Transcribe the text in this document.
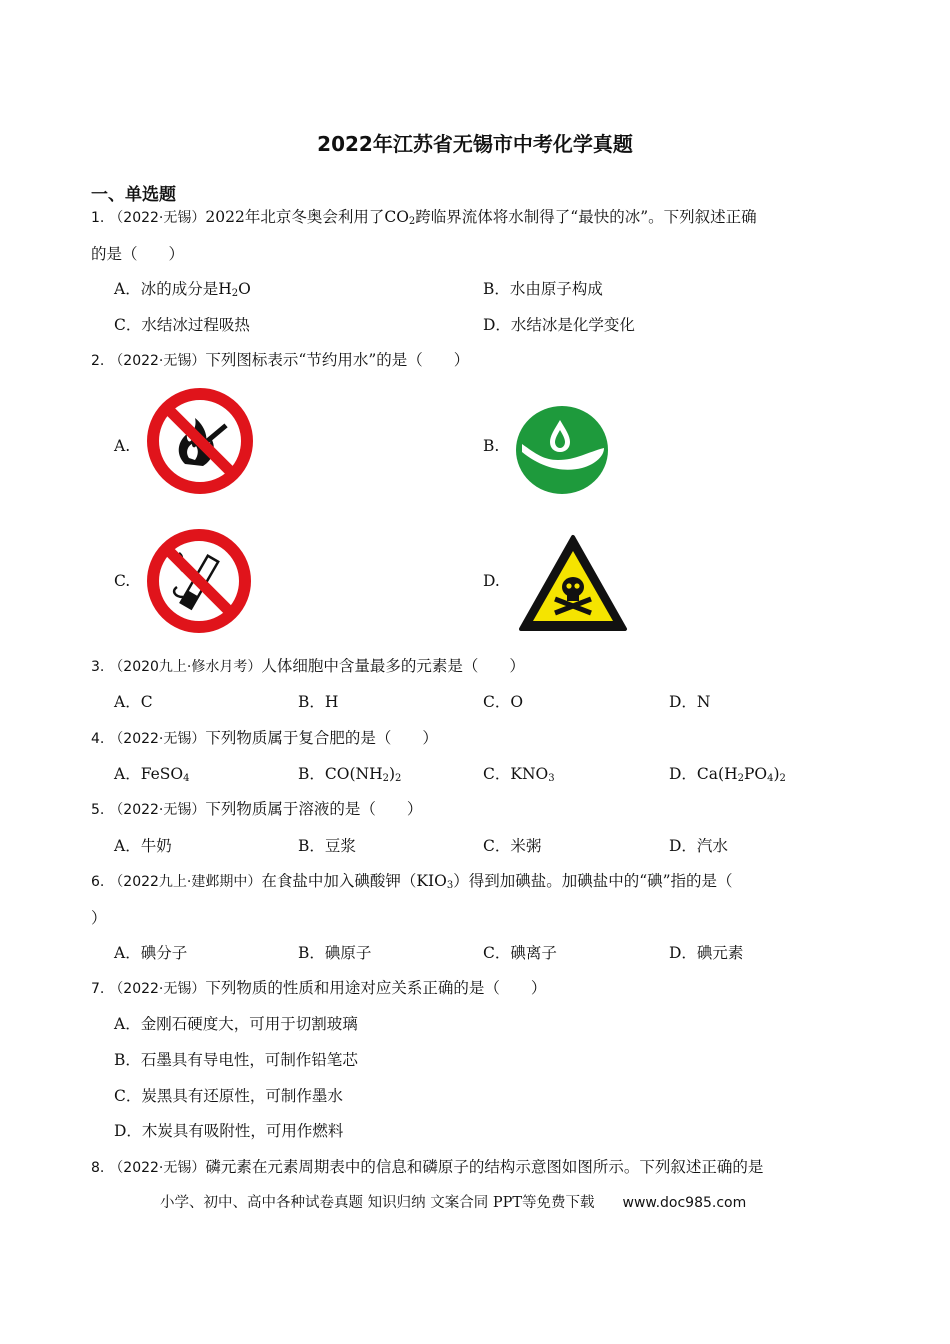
2022年江苏省无锡市中考化学真题
一、单选题
1. （2022·无锡）2022年北京冬奥会利用了$CO_2$跨临界流体将水制得了“最快的冰”。下列叙述正确
的是（　　）
A．冰的成分是$H_2O$	B．水由原子构成
C．水结冰过程吸热	D．水结冰是化学变化
2. （2022·无锡）下列图标表示“节约用水”的是（　　）
A.	B.
C.	D.
3. （2020九上·修水月考）人体细胞中含量最多的元素是（　　）
A．C	B．H	C．O	D．N
4. （2022·无锡）下列物质属于复合肥的是（　　）
A．FeSO$_4$	B．$CO(NH_2)_2$	C．$KNO_3$	D．$Ca(H_2PO_4)_2$
5. （2022·无锡）下列物质属于溶液的是（　　）
A．牛奶	B．豆浆	C．米粥	D．汽水
6. （2022九上·建邺期中）在食盐中加入碘酸钾$(KIO_3)$得到加碘盐。加碘盐中的“碘”指的是（
）
A．碘分子	B．碘原子	C．碘离子	D．碘元素
7. （2022·无锡）下列物质的性质和用途对应关系正确的是（　　）
A．金刚石硬度大，可用于切割玻璃
B．石墨具有导电性，可制作铅笔芯
C．炭黑具有还原性，可制作墨水
D．木炭具有吸附性，可用作燃料
8. （2022·无锡）磷元素在元素周期表中的信息和磷原子的结构示意图如图所示。下列叙述正确的是
小学、初中、高中各种试卷真题 知识归纳 文案合同 PPT等免费下载 www.doc985.com
